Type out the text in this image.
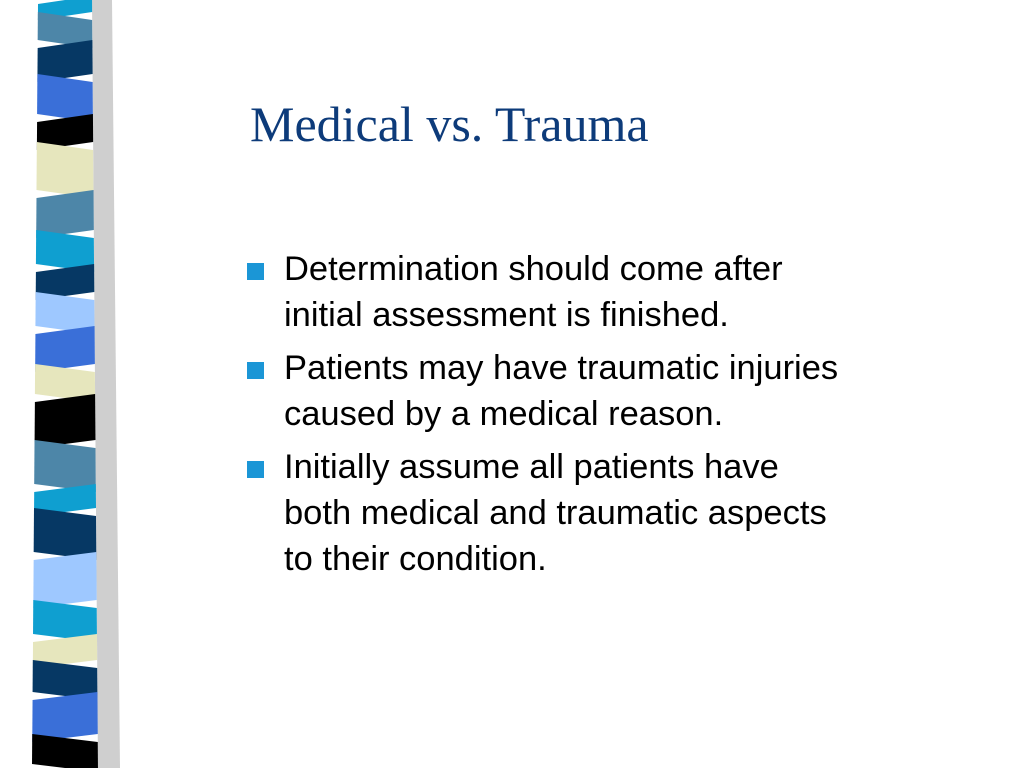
Medical vs. Trauma
Determination should come after initial assessment is finished.
Patients may have traumatic injuries caused by a medical reason.
Initially assume all patients have both medical and traumatic aspects to their condition.
